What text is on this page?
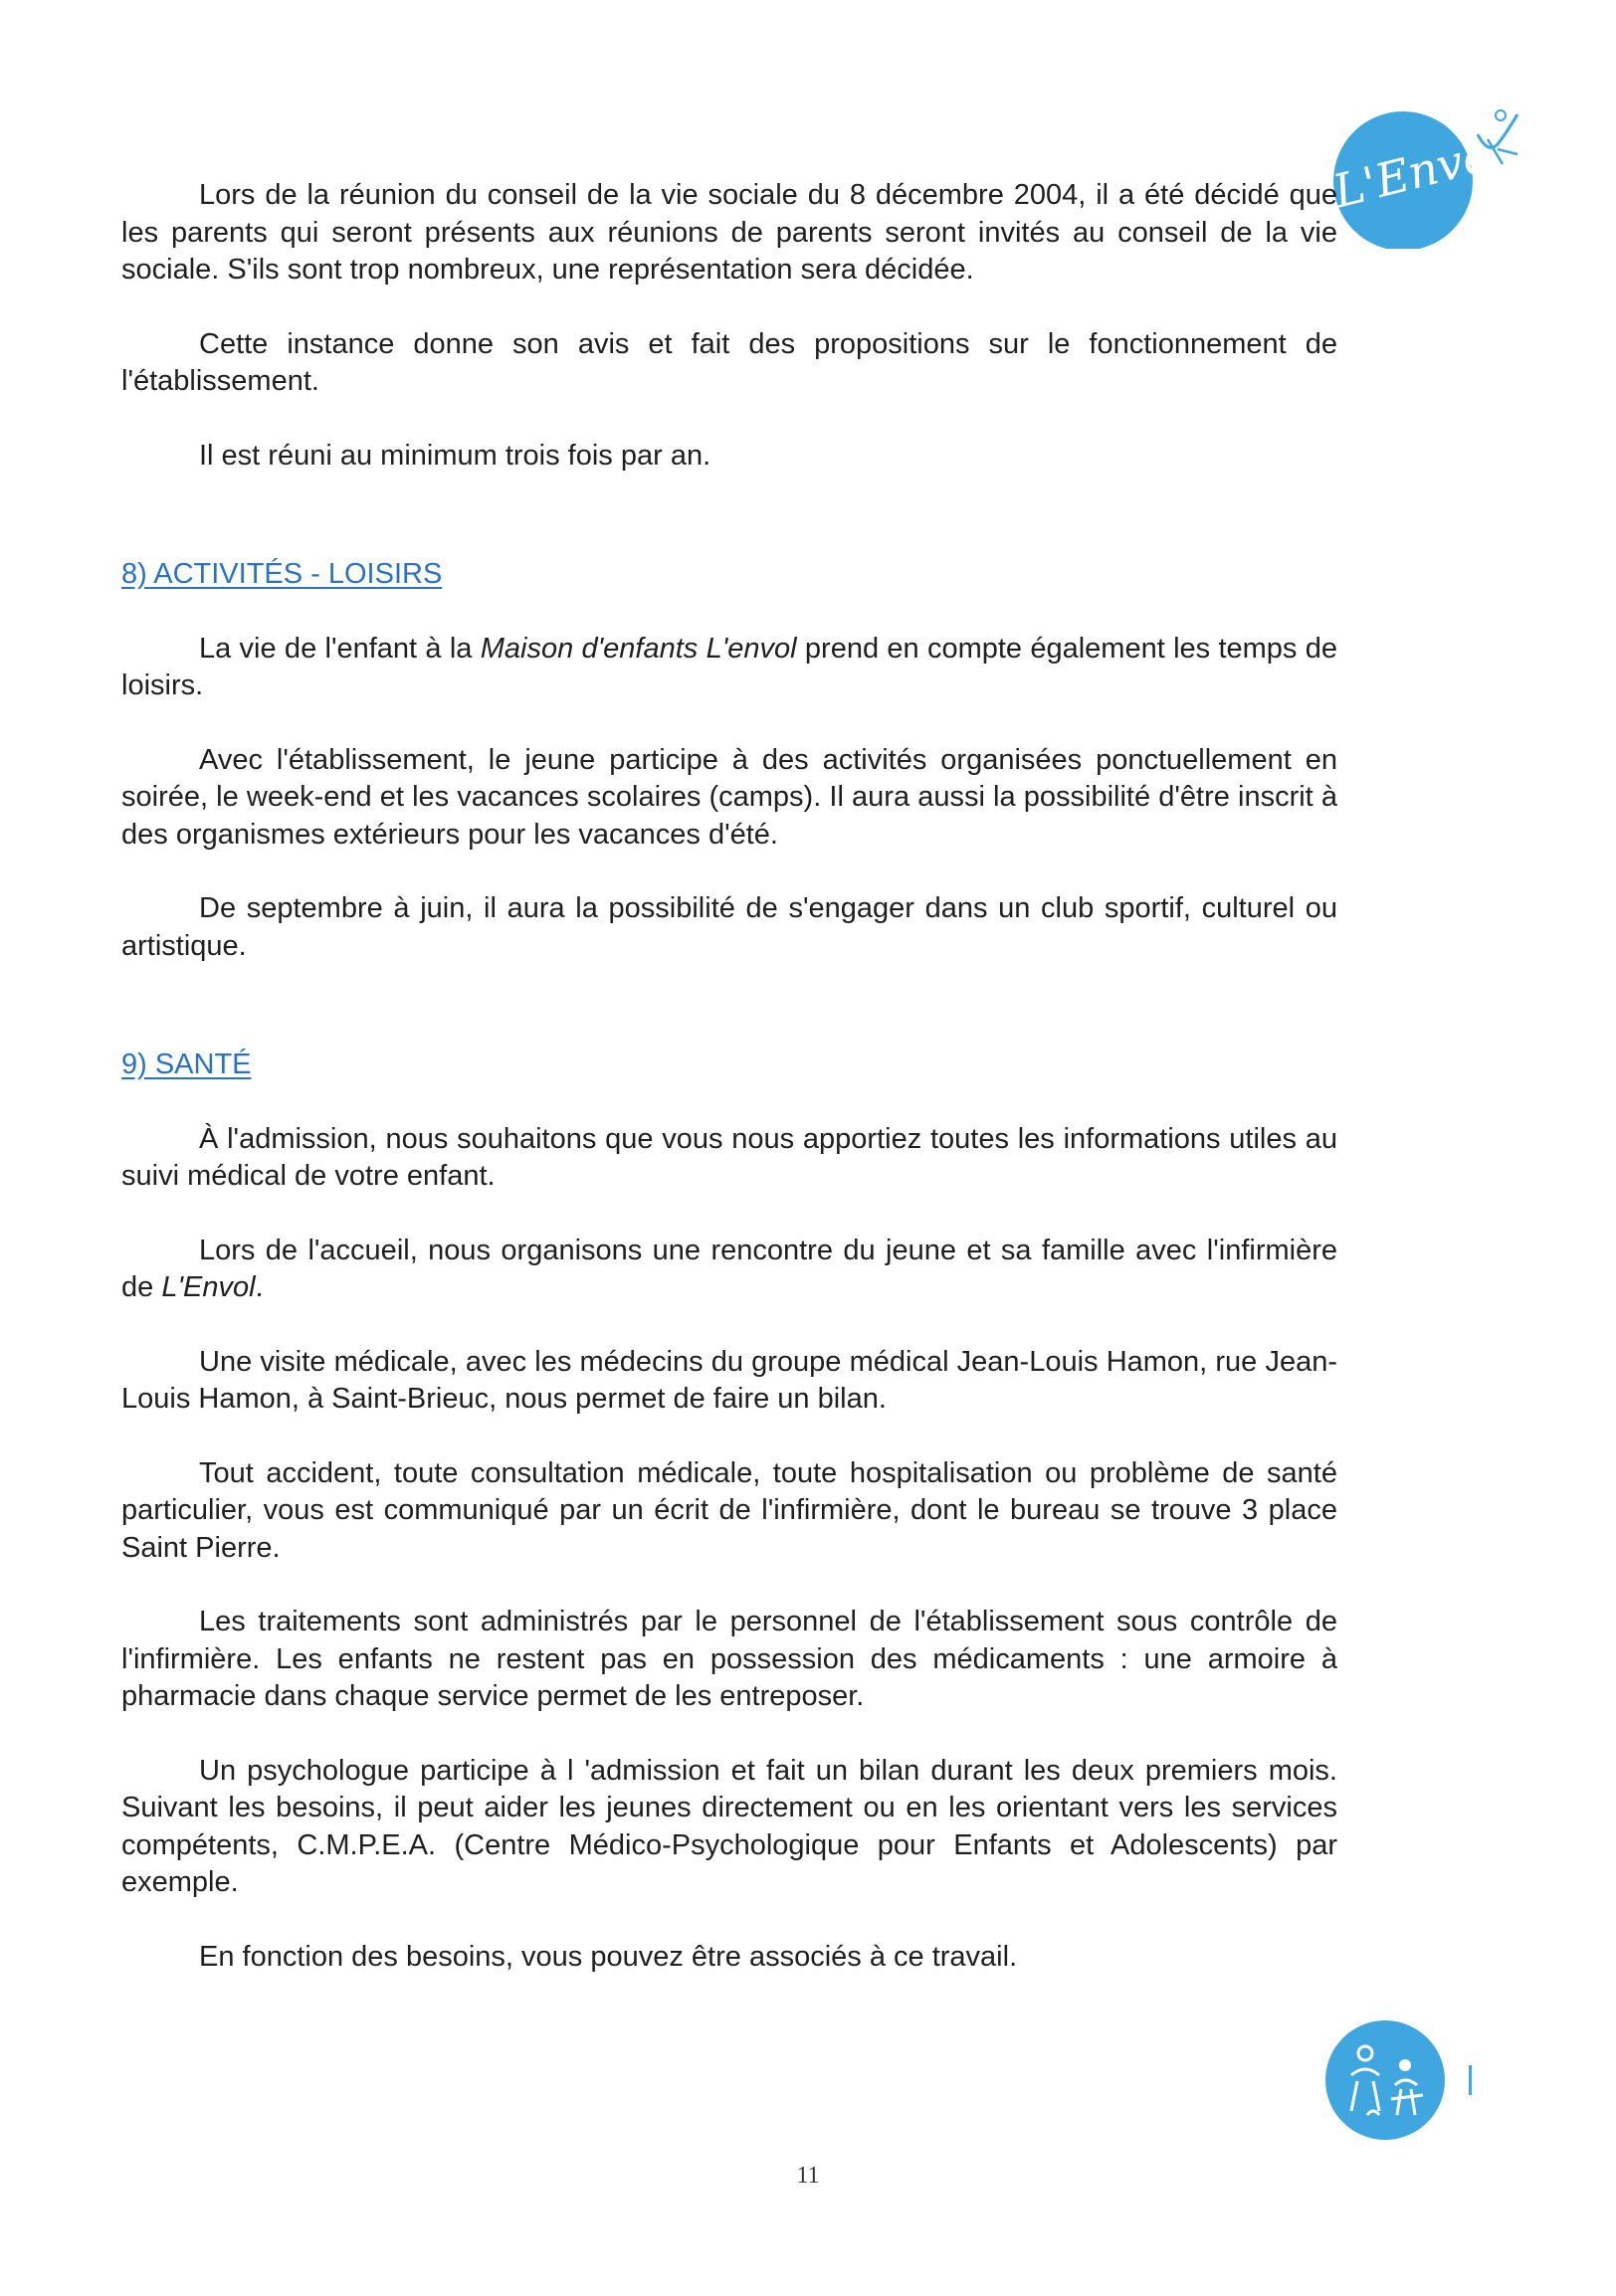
L'Envol

Lors de la réunion du conseil de la vie sociale du 8 décembre 2004, il a été décidé que les parents qui seront présents aux réunions de parents seront invités au conseil de la vie sociale. S'ils sont trop nombreux, une représentation sera décidée.

Cette instance donne son avis et fait des propositions sur le fonctionnement de l'établissement.

Il est réuni au minimum trois fois par an.

8) ACTIVITÉS - LOISIRS

La vie de l'enfant à la Maison d'enfants L'envol prend en compte également les temps de loisirs.

Avec l'établissement, le jeune participe à des activités organisées ponctuellement en soirée, le week-end et les vacances scolaires (camps). Il aura aussi la possibilité d'être inscrit à des organismes extérieurs pour les vacances d'été.

De septembre à juin, il aura la possibilité de s'engager dans un club sportif, culturel ou artistique.

9) SANTÉ

À l'admission, nous souhaitons que vous nous apportiez toutes les informations utiles au suivi médical de votre enfant.

Lors de l'accueil, nous organisons une rencontre du jeune et sa famille avec l'infirmière de L'Envol.

Une visite médicale, avec les médecins du groupe médical Jean-Louis Hamon, rue Jean-Louis Hamon, à Saint-Brieuc, nous permet de faire un bilan.

Tout accident, toute consultation médicale, toute hospitalisation ou problème de santé particulier, vous est communiqué par un écrit de l'infirmière, dont le bureau se trouve 3 place Saint Pierre.

Les traitements sont administrés par le personnel de l'établissement sous contrôle de l'infirmière. Les enfants ne restent pas en possession des médicaments : une armoire à pharmacie dans chaque service permet de les entreposer.

Un psychologue participe à l 'admission et fait un bilan durant les deux premiers mois. Suivant les besoins, il peut aider les jeunes directement ou en les orientant vers les services compétents, C.M.P.E.A. (Centre Médico-Psychologique pour Enfants et Adolescents) par exemple.

En fonction des besoins, vous pouvez être associés à ce travail.

11
